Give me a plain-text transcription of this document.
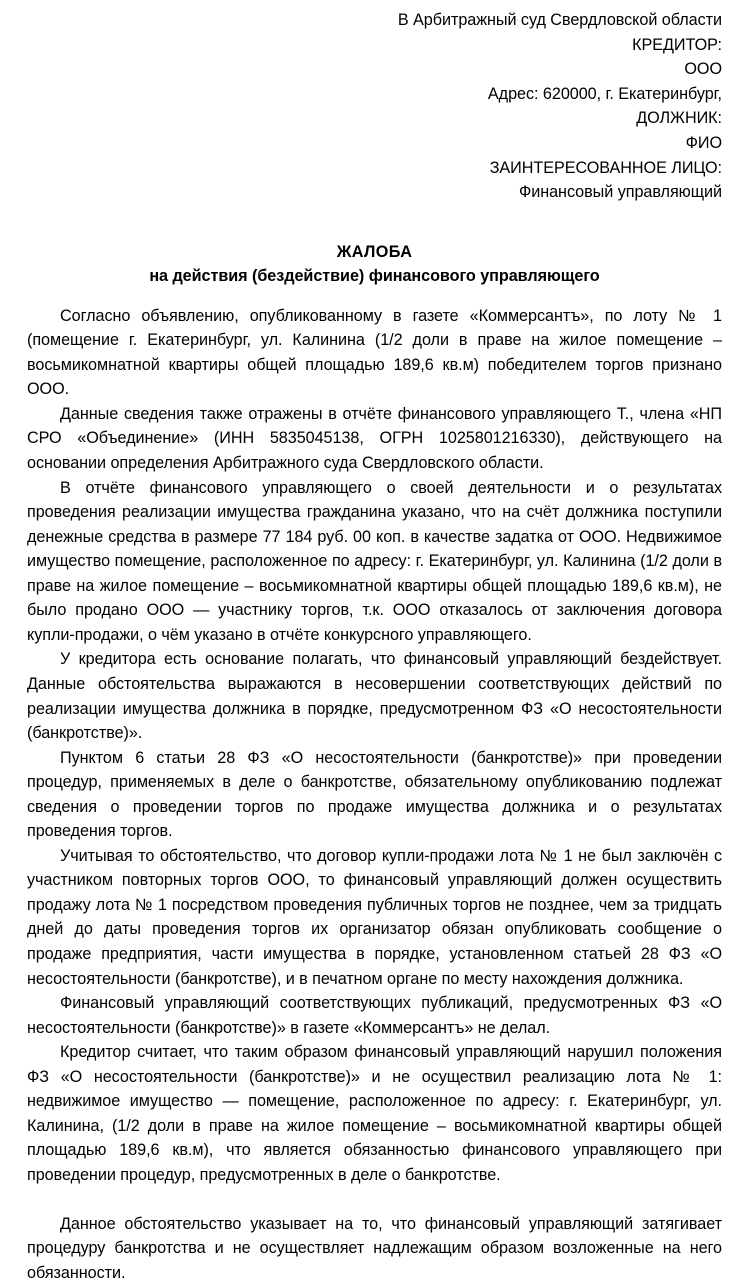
В Арбитражный суд Свердловской области
КРЕДИТОР:
ООО
Адрес: 620000, г. Екатеринбург,
ДОЛЖНИК:
ФИО
ЗАИНТЕРЕСОВАННОЕ ЛИЦО:
Финансовый управляющий
ЖАЛОБА
на действия (бездействие) финансового управляющего

Согласно объявлению, опубликованному в газете «Коммерсантъ», по лоту № 1 (помещение г. Екатеринбург, ул. Калинина (1/2 доли в праве на жилое помещение – восьмикомнатной квартиры общей площадью 189,6 кв.м) победителем торгов признано ООО.

Данные сведения также отражены в отчёте финансового управляющего Т., члена «НП СРО «Объединение» (ИНН 5835045138, ОГРН 1025801216330), действующего на основании определения Арбитражного суда Свердловского области.

В отчёте финансового управляющего о своей деятельности и о результатах проведения реализации имущества гражданина указано, что на счёт должника поступили денежные средства в размере 77 184 руб. 00 коп. в качестве задатка от ООО. Недвижимое имущество помещение, расположенное по адресу: г. Екатеринбург, ул. Калинина (1/2 доли в праве на жилое помещение – восьмикомнатной квартиры общей площадью 189,6 кв.м), не было продано ООО — участнику торгов, т.к. ООО отказалось от заключения договора купли-продажи, о чём указано в отчёте конкурсного управляющего.

У кредитора есть основание полагать, что финансовый управляющий бездействует. Данные обстоятельства выражаются в несовершении соответствующих действий по реализации имущества должника в порядке, предусмотренном ФЗ «О несостоятельности (банкротстве)».

Пунктом 6 статьи 28 ФЗ «О несостоятельности (банкротстве)» при проведении процедур, применяемых в деле о банкротстве, обязательному опубликованию подлежат сведения о проведении торгов по продаже имущества должника и о результатах проведения торгов.

Учитывая то обстоятельство, что договор купли-продажи лота № 1 не был заключён с участником повторных торгов ООО, то финансовый управляющий должен осуществить продажу лота № 1 посредством проведения публичных торгов не позднее, чем за тридцать дней до даты проведения торгов их организатор обязан опубликовать сообщение о продаже предприятия, части имущества в порядке, установленном статьей 28 ФЗ «О несостоятельности (банкротстве), и в печатном органе по месту нахождения должника.

Финансовый управляющий соответствующих публикаций, предусмотренных ФЗ «О несостоятельности (банкротстве)» в газете «Коммерсантъ» не делал.

Кредитор считает, что таким образом финансовый управляющий нарушил положения ФЗ «О несостоятельности (банкротстве)» и не осуществил реализацию лота № 1: недвижимое имущество — помещение, расположенное по адресу: г. Екатеринбург, ул. Калинина, (1/2 доли в праве на жилое помещение – восьмикомнатной квартиры общей площадью 189,6 кв.м), что является обязанностью финансового управляющего при проведении процедур, предусмотренных в деле о банкротстве.

Данное обстоятельство указывает на то, что финансовый управляющий затягивает процедуру банкротства и не осуществляет надлежащим образом возложенные на него обязанности.
